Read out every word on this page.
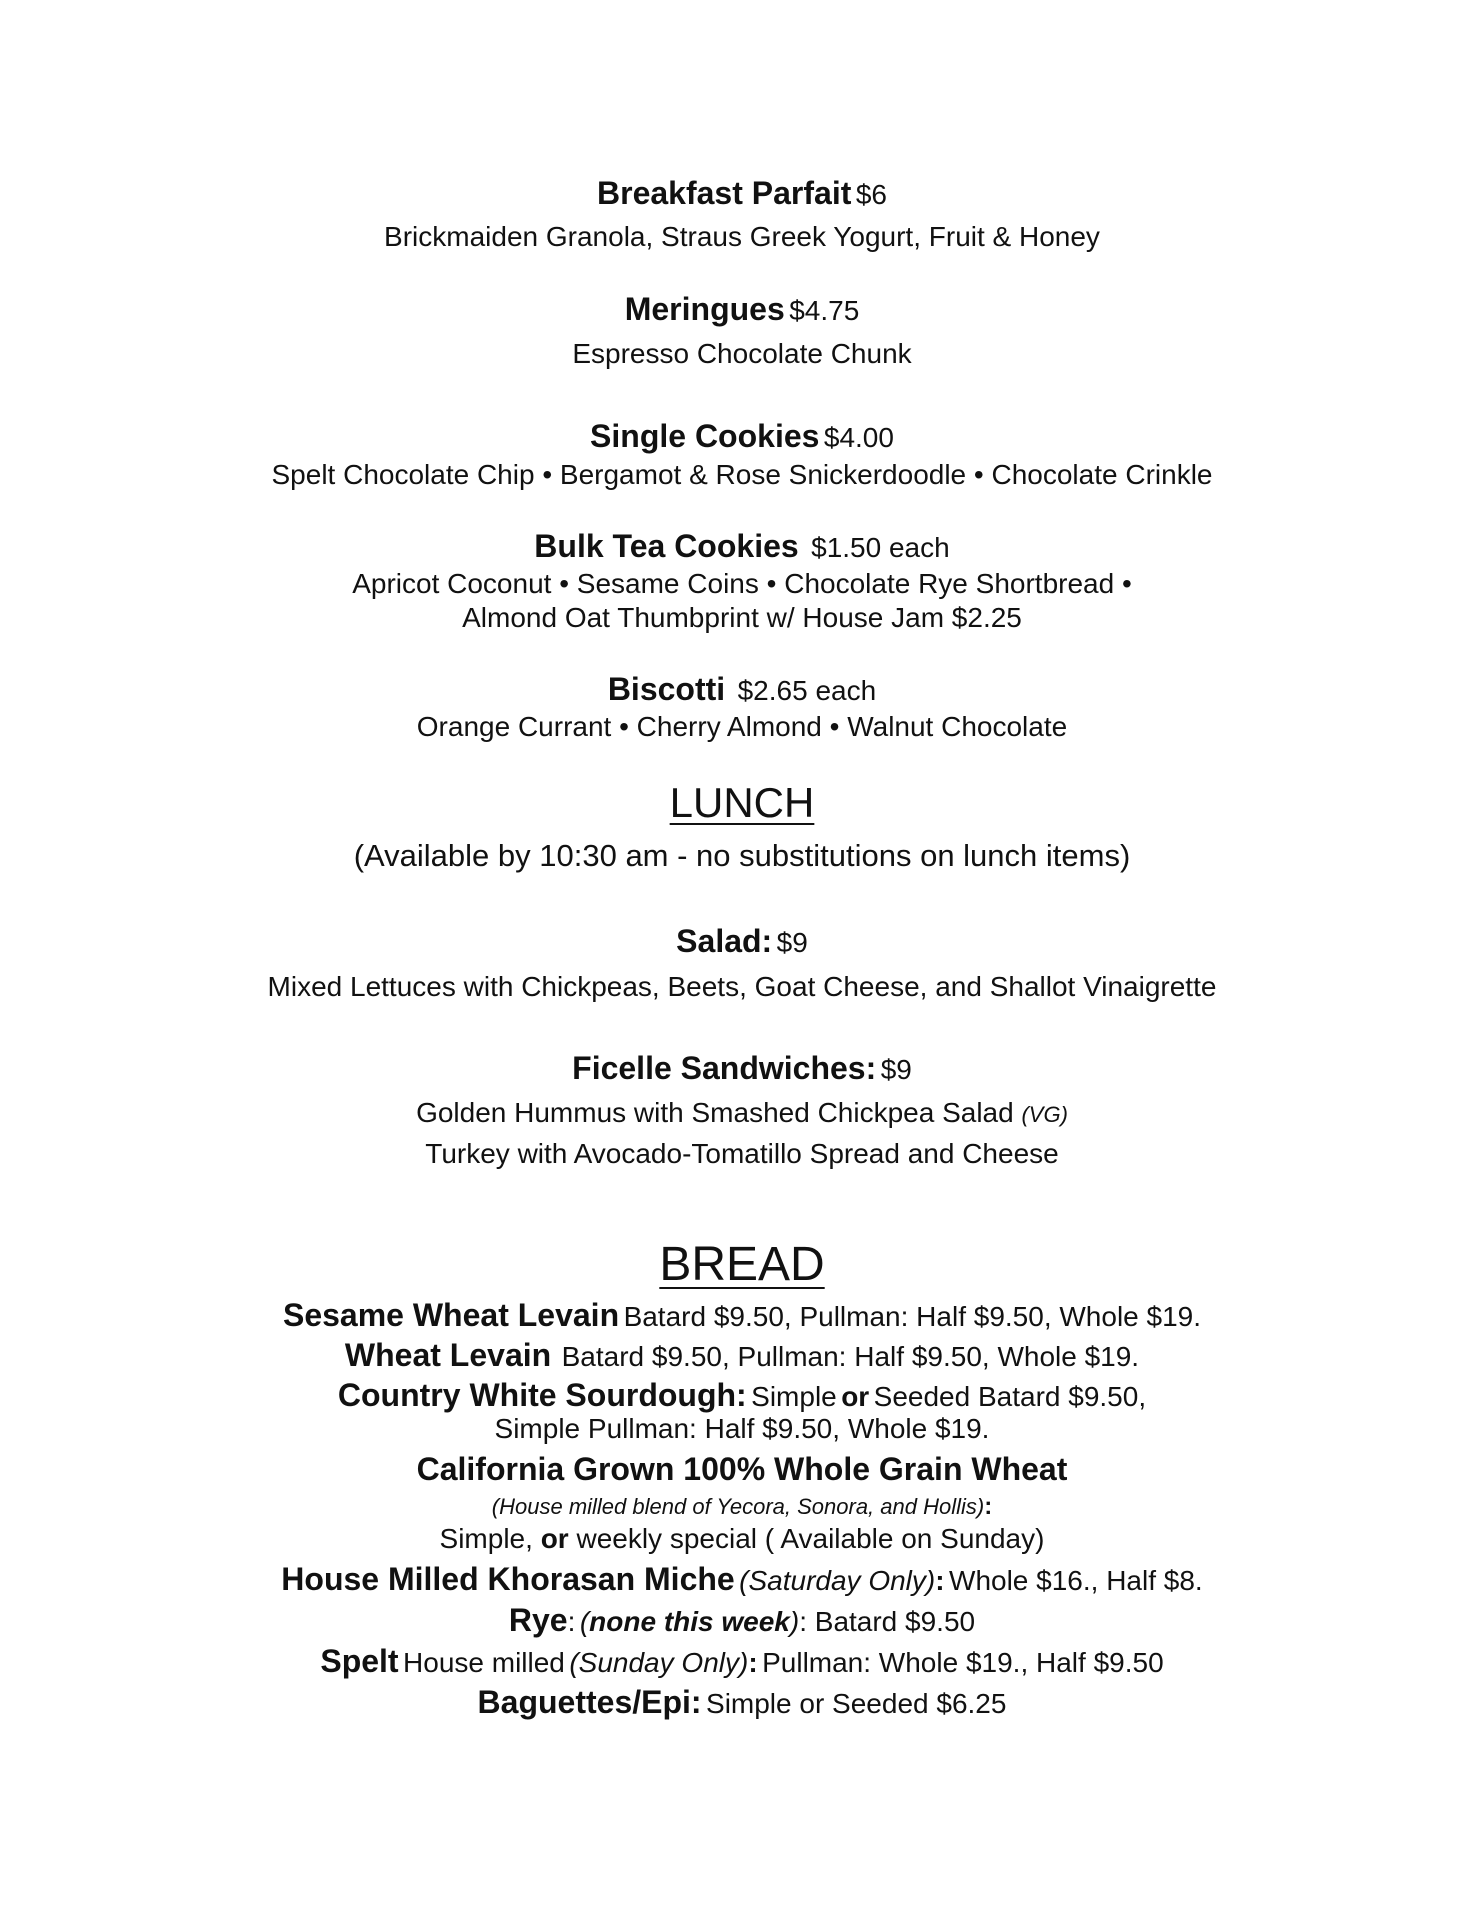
Breakfast Parfait $6
Brickmaiden Granola, Straus Greek Yogurt, Fruit & Honey
Meringues $4.75
Espresso Chocolate Chunk
Single Cookies $4.00
Spelt Chocolate Chip • Bergamot & Rose Snickerdoodle • Chocolate Crinkle
Bulk Tea Cookies $1.50 each
Apricot Coconut • Sesame Coins • Chocolate Rye Shortbread •
Almond Oat Thumbprint w/ House Jam $2.25
Biscotti $2.65 each
Orange Currant • Cherry Almond • Walnut Chocolate
LUNCH
(Available by 10:30 am - no substitutions on lunch items)
Salad: $9
Mixed Lettuces with Chickpeas, Beets, Goat Cheese, and Shallot Vinaigrette
Ficelle Sandwiches: $9
Golden Hummus with Smashed Chickpea Salad (VG)
Turkey with Avocado-Tomatillo Spread and Cheese
BREAD
Sesame Wheat Levain Batard $9.50, Pullman: Half $9.50, Whole $19.
Wheat Levain Batard $9.50, Pullman: Half $9.50, Whole $19.
Country White Sourdough: Simple or Seeded Batard $9.50,
Simple Pullman: Half $9.50, Whole $19.
California Grown 100% Whole Grain Wheat
(House milled blend of Yecora, Sonora, and Hollis):
Simple, or weekly special ( Available on Sunday)
House Milled Khorasan Miche (Saturday Only): Whole $16., Half $8.
Rye: (none this week): Batard $9.50
Spelt House milled (Sunday Only): Pullman: Whole $19., Half $9.50
Baguettes/Epi: Simple or Seeded $6.25
